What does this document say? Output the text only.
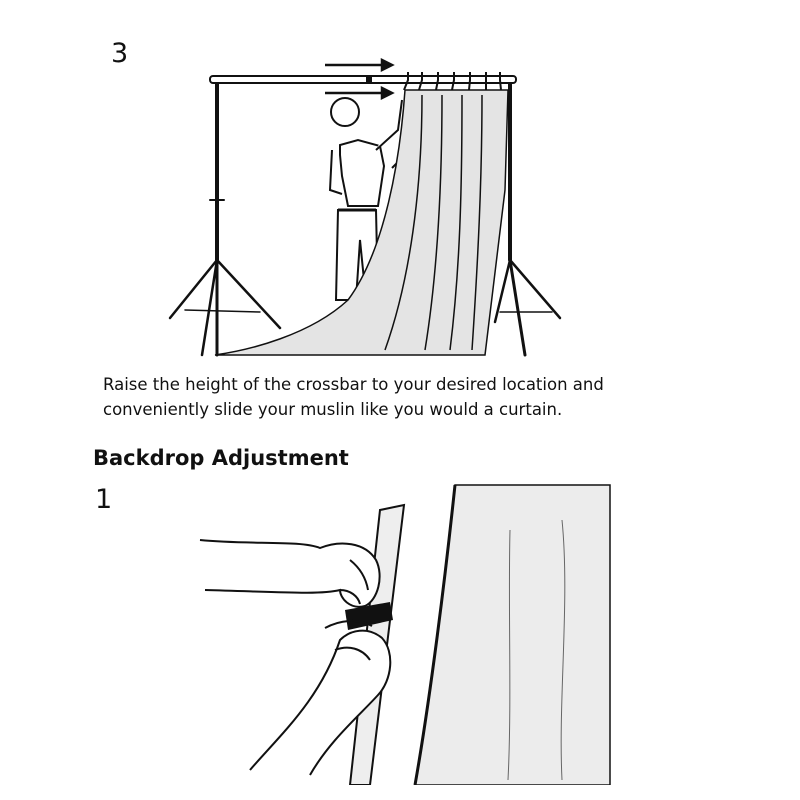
3
Raise the height of the crossbar to your desired location and
conveniently slide your muslin like you would a curtain.
Backdrop Adjustment
1
